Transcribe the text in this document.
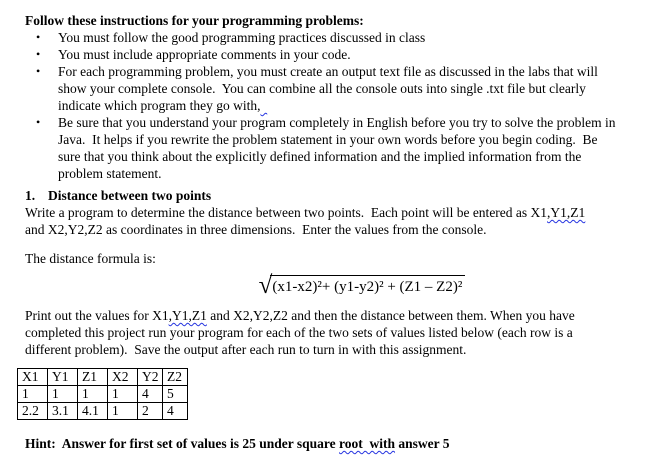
Follow these instructions for your programming problems:
•	You must follow the good programming practices discussed in class
•	You must include appropriate comments in your code.
•	For each programming problem, you must create an output text file as discussed in the labs that will
show your complete console.  You can combine all the console outs into single .txt file but clearly
indicate which program they go with,
•	Be sure that you understand your program completely in English before you try to solve the problem in
Java.  It helps if you rewrite the problem statement in your own words before you begin coding.  Be
sure that you think about the explicitly defined information and the implied information from the
problem statement.
1. Distance between two points
Write a program to determine the distance between two points.  Each point will be entered as X1,Y1,Z1
and X2,Y2,Z2 as coordinates in three dimensions.  Enter the values from the console.
The distance formula is:
√ (x1-x2)²+ (y1-y2)² + (Z1 – Z2)²
Print out the values for X1,Y1,Z1 and X2,Y2,Z2 and then the distance between them. When you have
completed this project run your program for each of the two sets of values listed below (each row is a
different problem).  Save the output after each run to turn in with this assignment.
X1	Y1	Z1	X2	Y2	Z2
1	1	1	1	4	5
2.2	3.1	4.1	1	2	4
Hint:  Answer for first set of values is 25 under square root  with answer 5
